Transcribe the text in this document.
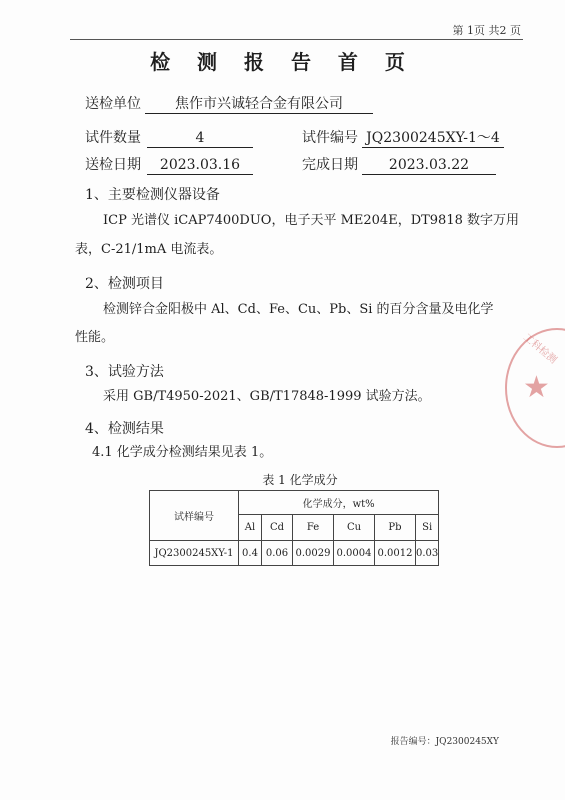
第 1页 共2 页
检 测 报 告 首 页
送检单位 焦作市兴诚轻合金有限公司
试件数量	4	试件编号 JQ2300245XY-1～4
送检日期 2023.03.16	完成日期 2023.03.22
1、主要检测仪器设备
ICP 光谱仪 iCAP7400DUO，电子天平 ME204E，DT9818 数字万用
表，C-21/1mA 电流表。
2、检测项目
检测锌合金阳极中 Al、Cd、Fe、Cu、Pb、Si 的百分含量及电化学
性能。
3、试验方法
采用 GB/T4950-2021、GB/T17848-1999 试验方法。
4、检测结果
4.1 化学成分检测结果见表 1。
表 1 化学成分
试样编号	化学成分，wt%					
	Al	Cd	Fe	Cu	Pb	Si
JQ2300245XY-1	0.4	0.06	0.0029	0.0004	0.0012	0.03
工科检测
★
报告编号：JQ2300245XY
